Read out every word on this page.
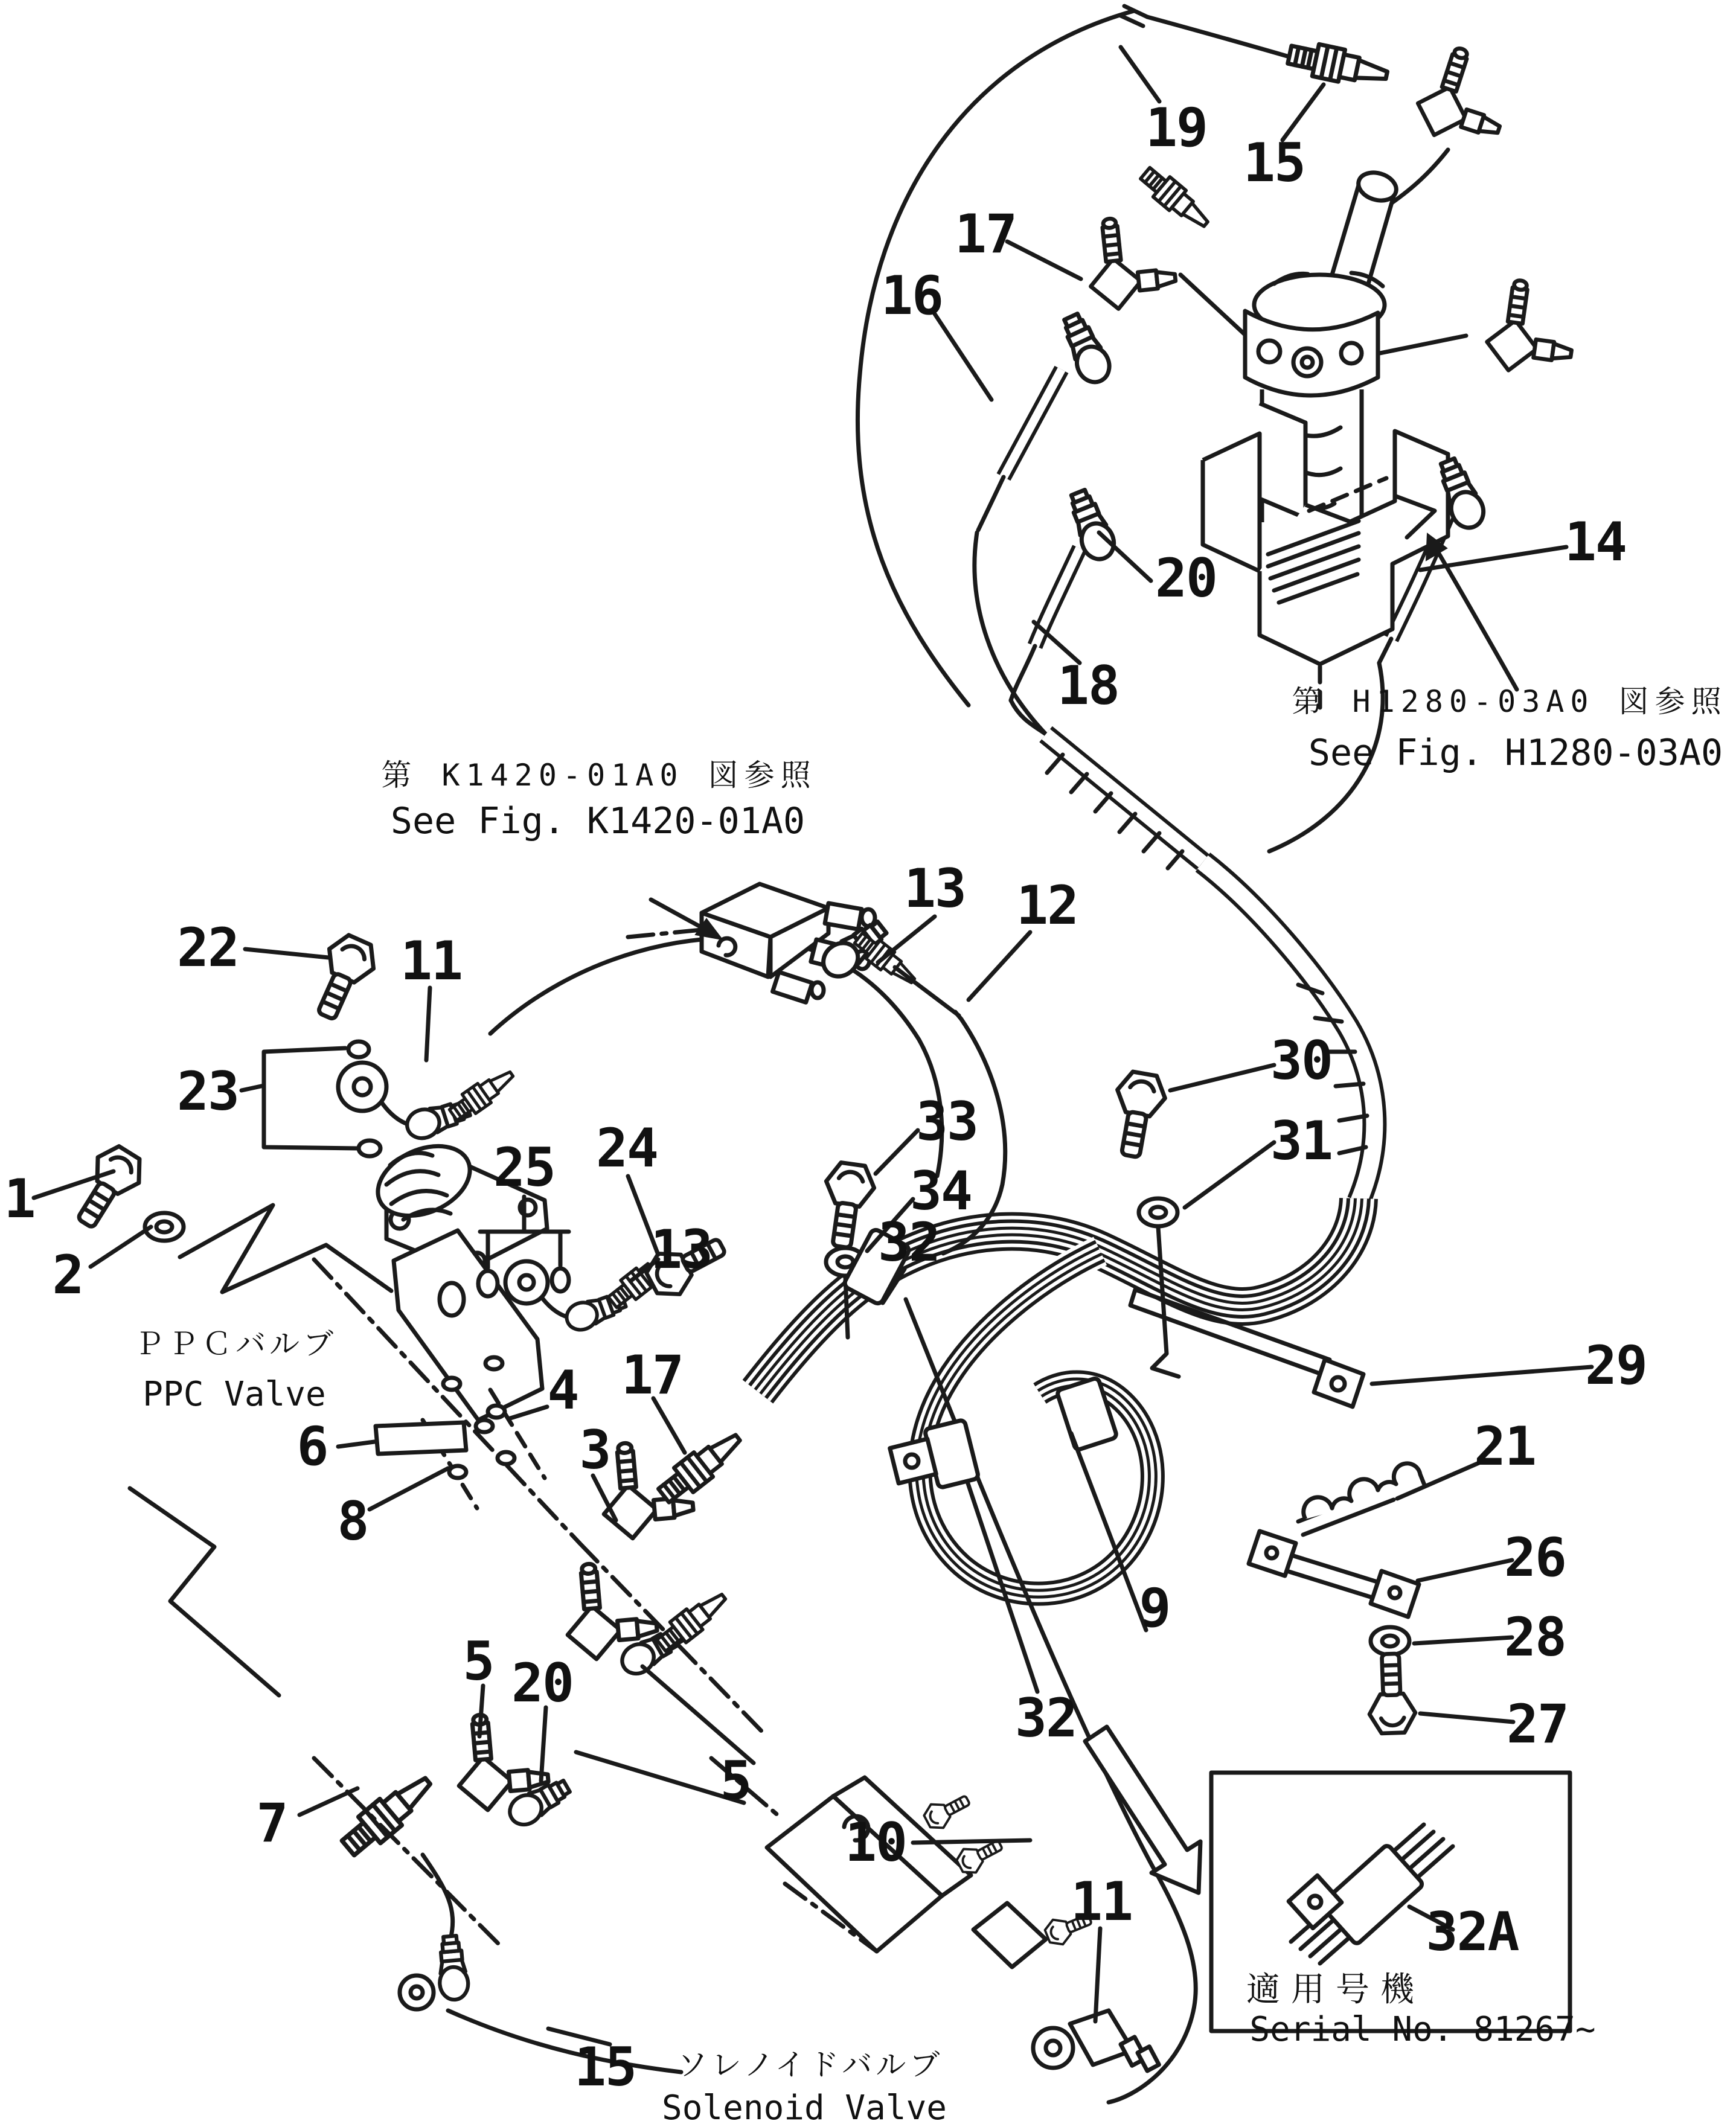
19
15
17
16
20
18
14
13 12
22	11
23
1
2
24
25
30
31
33
34
32
13
4 17
6	3
8
29
21
26
28
27
9
32
5 20
5
10
7
15
11	32A
第 K1420-01A0 図参照
See Fig. K1420-01A0
第 H1280-03A0 図参照
See Fig. H1280-03A0
ＰＰＣバルブ
PPC Valve
ソレノイドバルブ
Solenoid Valve
適用号機
Serial No. 81267~
